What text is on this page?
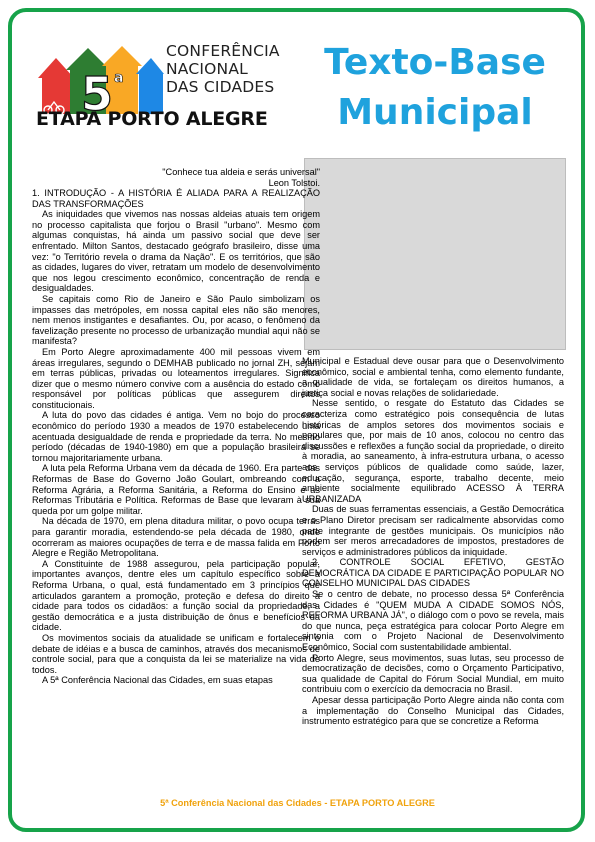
5 a
CONFERÊNCIA
NACIONAL
DAS CIDADES
ETAPA PORTO ALEGRE
Texto-Base
Municipal
"Conhece tua aldeia e serás universal"
Leon Tolstoi.

1. INTRODUÇÃO - A HISTÓRIA É ALIADA PARA A REALIZAÇÃO DAS TRANSFORMAÇÕES

As iniquidades que vivemos nas nossas aldeias atuais tem origem no processo capitalista que forjou o Brasil "urbano". Mesmo com algumas conquistas, há ainda um passivo social que deve ser enfrentado. Milton Santos, destacado geógrafo brasileiro, disse uma vez: "o Território revela o drama da Nação". E os territórios, que são as cidades, lugares do viver, retratam um modelo de desenvolvimento que nos legou crescimento econômico, concentração de renda e desigualdades.

Se capitais como Rio de Janeiro e São Paulo simbolizam os impasses das metrópoles, em nossa capital eles não são menores, nem menos instigantes e desafiantes. Ou, por acaso, o fenômeno da favelização presente no processo de urbanização mundial aqui não se manifesta?

Em Porto Alegre aproximadamente 400 mil pessoas vivem em áreas irregulares, segundo o DEMHAB publicado no jornal ZH, sejam em terras públicas, privadas ou loteamentos irregulares. Significa dizer que o mesmo número convive com a ausência do estado como responsável por políticas públicas que assegurem direitos constitucionais.

A luta do povo das cidades é antiga. Vem no bojo do processo econômico do período 1930 a meados de 1970 estabelecendo uma acentuada desigualdade de renda e propriedade da terra. No mesmo período (décadas de 1940-1980) em que a população brasileira se tornou majoritariamente urbana.

A luta pela Reforma Urbana vem da década de 1960. Era parte das Reformas de Base do Governo João Goulart, ombreando com a Reforma Agrária, a Reforma Sanitária, a Reforma do Ensino e as Reformas Tributária e Política. Reformas de Base que levaram à sua queda por um golpe militar.

Na década de 1970, em plena ditadura militar, o povo ocupa terras para garantir moradia, estendendo-se pela década de 1980, onde ocorreram as maiores ocupações de terra e de massa falida em Porto Alegre e Região Metropolitana.

A Constituinte de 1988 assegurou, pela participação popular, importantes avanços, dentre eles um capítulo específico sobre a Reforma Urbana, o qual, está fundamentado em 3 princípios que articulados garantem a promoção, proteção e defesa do direito à cidade para todos os cidadãos: a função social da propriedade, a gestão democrática e a justa distribuição de ônus e benefícios da cidade.

Os movimentos sociais da atualidade se unificam e fortalecem o debate de idéias e a busca de caminhos, através dos mecanismos de controle social, para que a conquista da lei se materialize na vida de todos.

A 5ª Conferência Nacional das Cidades, em suas etapas

Municipal e Estadual deve ousar para que o Desenvolvimento econômico, social e ambiental tenha, como elemento fundante, a qualidade de vida, se fortaleçam os direitos humanos, a justiça social e novas relações de solidariedade.

Nesse sentido, o resgate do Estatuto das Cidades se caracteriza como estratégico pois consequência de lutas históricas de amplos setores dos movimentos sociais e populares que, por mais de 10 anos, colocou no centro das discussões e reflexões a função social da propriedade, o direito à moradia, ao saneamento, à infra-estrutura urbana, o acesso aos serviços públicos de qualidade como saúde, lazer, educação, segurança, esporte, trabalho decente, meio ambiente socialmente equilibrado ACESSO À TERRA URBANIZADA

Duas de suas ferramentas essenciais, a Gestão Democrática e o Plano Diretor precisam ser radicalmente absorvidas como parte integrante de gestões municipais. Os municípios não podem ser meros arrecadadores de impostos, prestadores de serviços e administradores públicos da iniquidade.

2. CONTROLE SOCIAL EFETIVO, GESTÃO DEMOCRÁTICA DA CIDADE E PARTICIPAÇÃO POPULAR NO CONSELHO MUNICIPAL DAS CIDADES

Se o centro de debate, no processo dessa 5ª Conferência das Cidades é "QUEM MUDA A CIDADE SOMOS NÓS, REFORMA URBANA JÁ", o diálogo com o povo se revela, mais do que nunca, peça estratégica para colocar Porto Alegre em sintonia com o Projeto Nacional de Desenvolvimento Econômico, Social com sustentabilidade ambiental.

Porto Alegre, seus movimentos, suas lutas, seu processo de democratização de decisões, como o Orçamento Participativo, sua qualidade de Capital do Fórum Social Mundial, em muito contribuiu com o exercício da democracia no Brasil.

Apesar dessa participação Porto Alegre ainda não conta com a implementação do Conselho Municipal das Cidades, instrumento estratégico para que se concretize a Reforma

5ª Conferência Nacional das Cidades - ETAPA PORTO ALEGRE
